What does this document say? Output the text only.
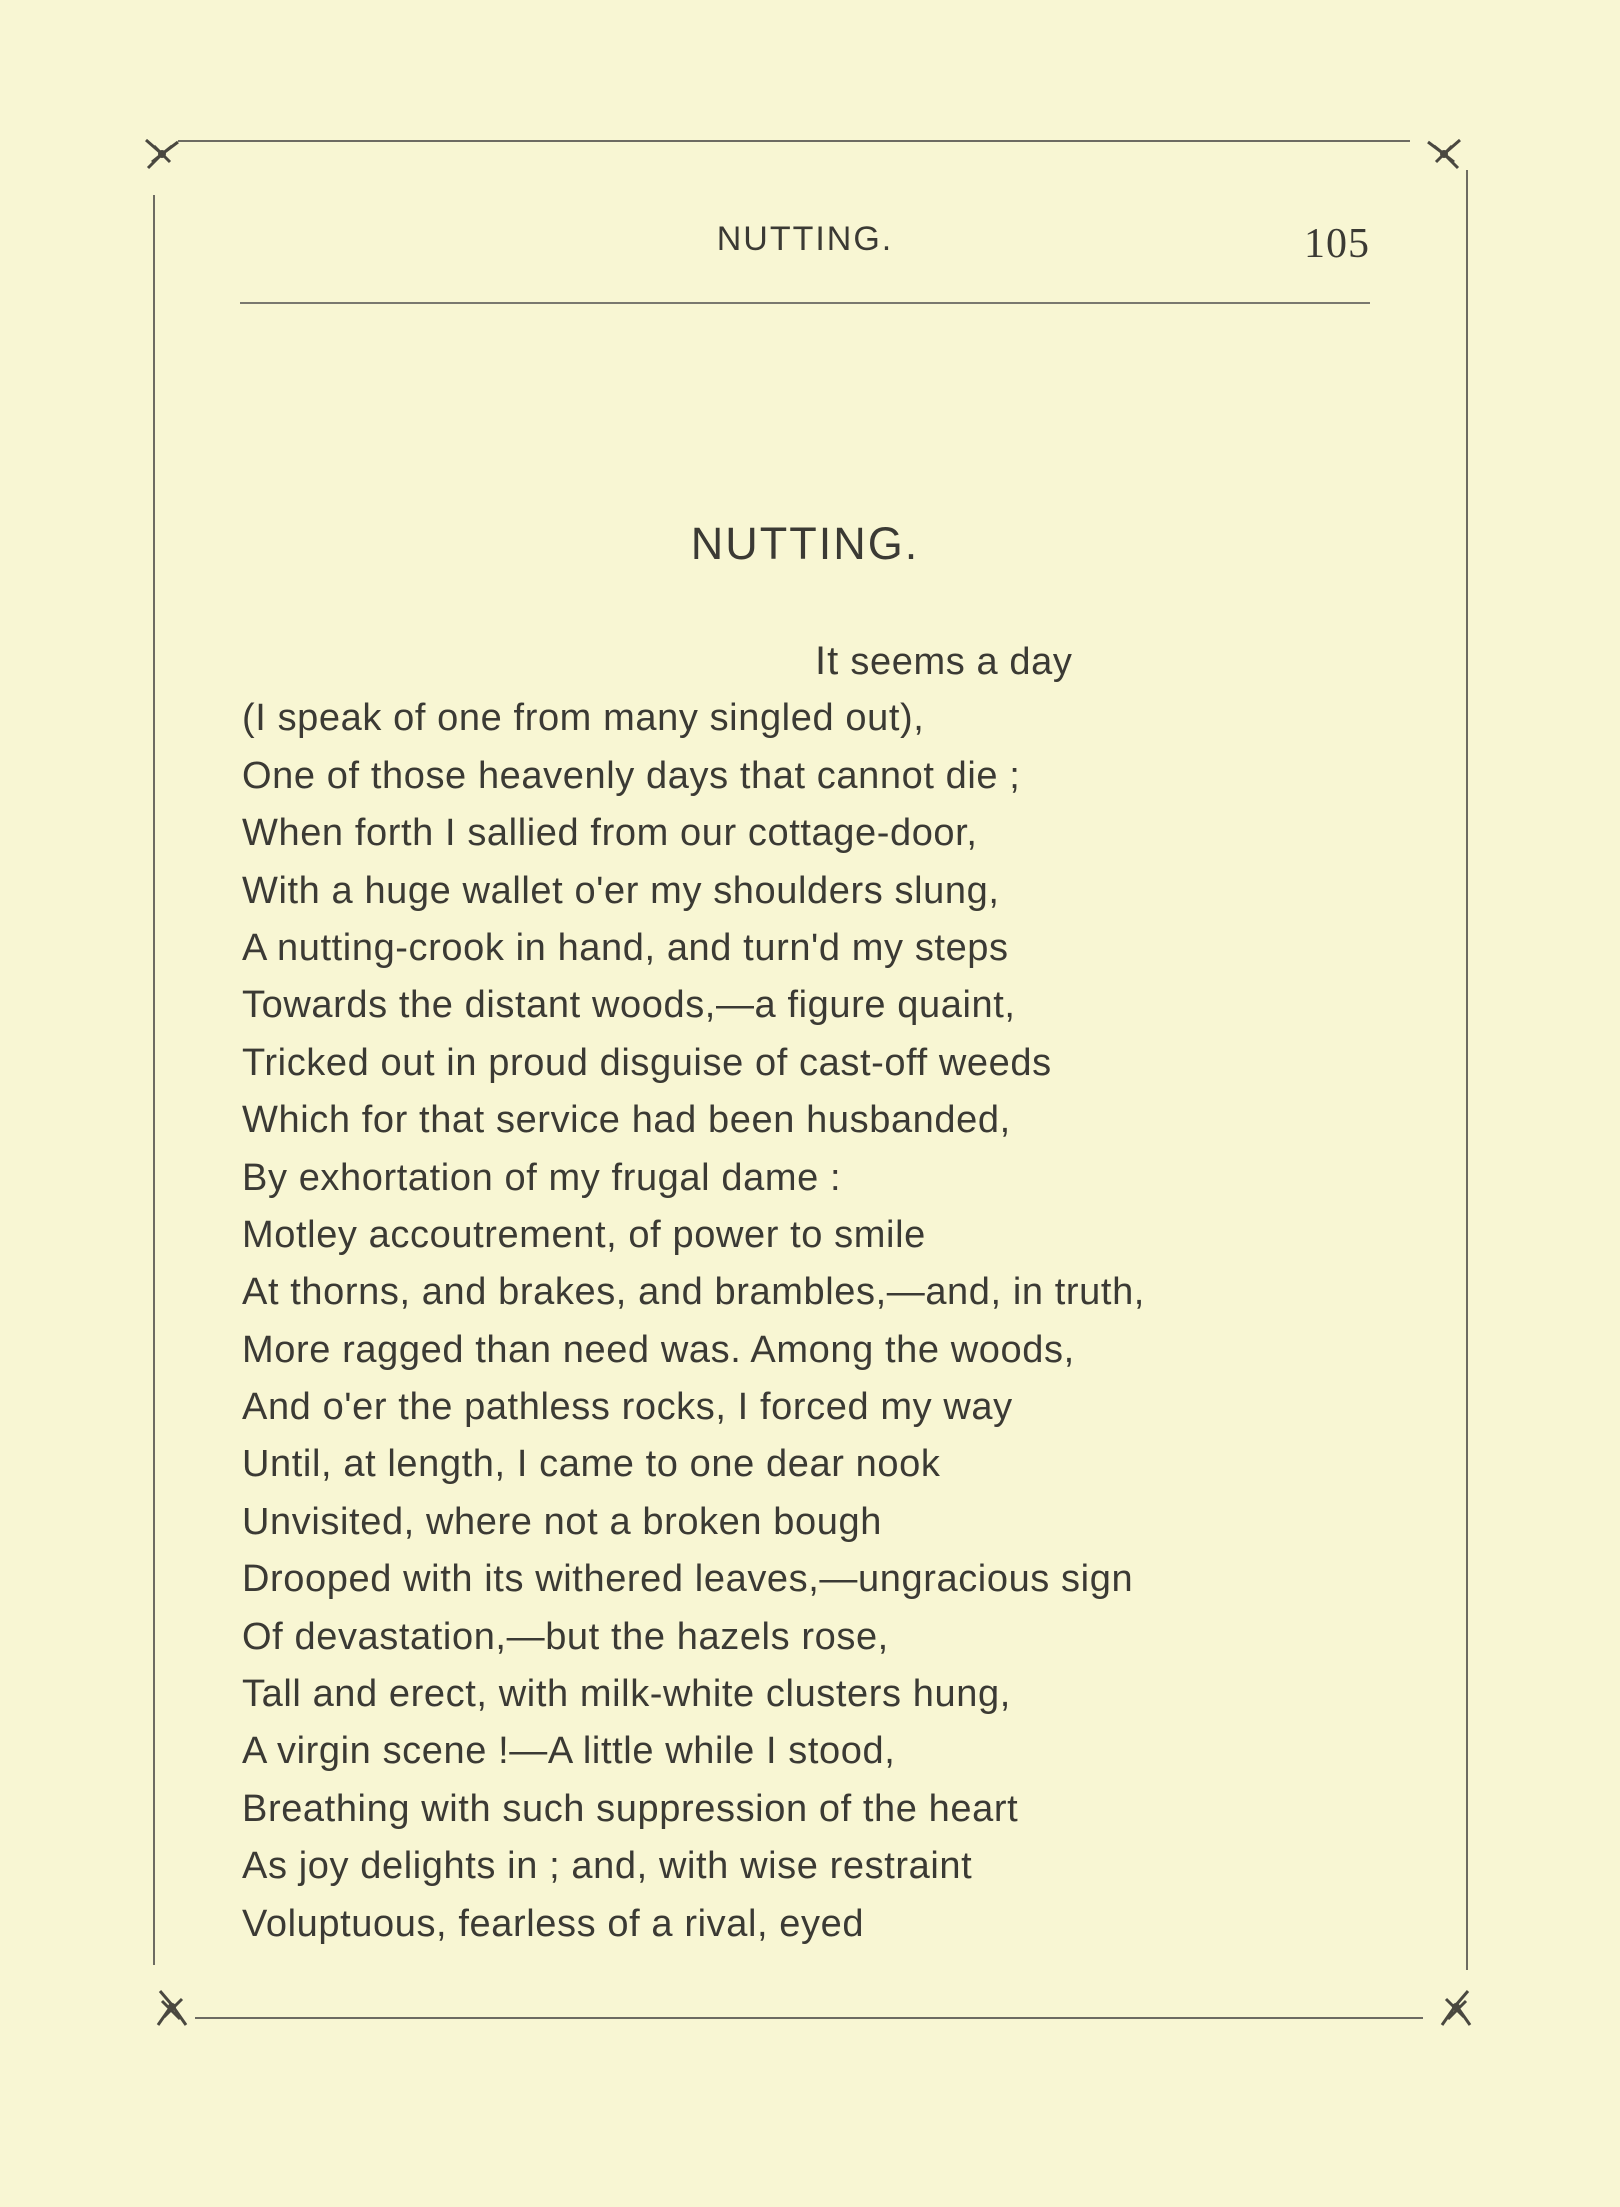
NUTTING.	105
NUTTING.
It seems a day
(I speak of one from many singled out),
One of those heavenly days that cannot die ;
When forth I sallied from our cottage-door,
With a huge wallet o'er my shoulders slung,
A nutting-crook in hand, and turn'd my steps
Towards the distant woods,—a figure quaint,
Tricked out in proud disguise of cast-off weeds
Which for that service had been husbanded,
By exhortation of my frugal dame :
Motley accoutrement, of power to smile
At thorns, and brakes, and brambles,—and, in truth,
More ragged than need was. Among the woods,
And o'er the pathless rocks, I forced my way
Until, at length, I came to one dear nook
Unvisited, where not a broken bough
Drooped with its withered leaves,—ungracious sign
Of devastation,—but the hazels rose,
Tall and erect, with milk-white clusters hung,
A virgin scene !—A little while I stood,
Breathing with such suppression of the heart
As joy delights in ; and, with wise restraint
Voluptuous, fearless of a rival, eyed
